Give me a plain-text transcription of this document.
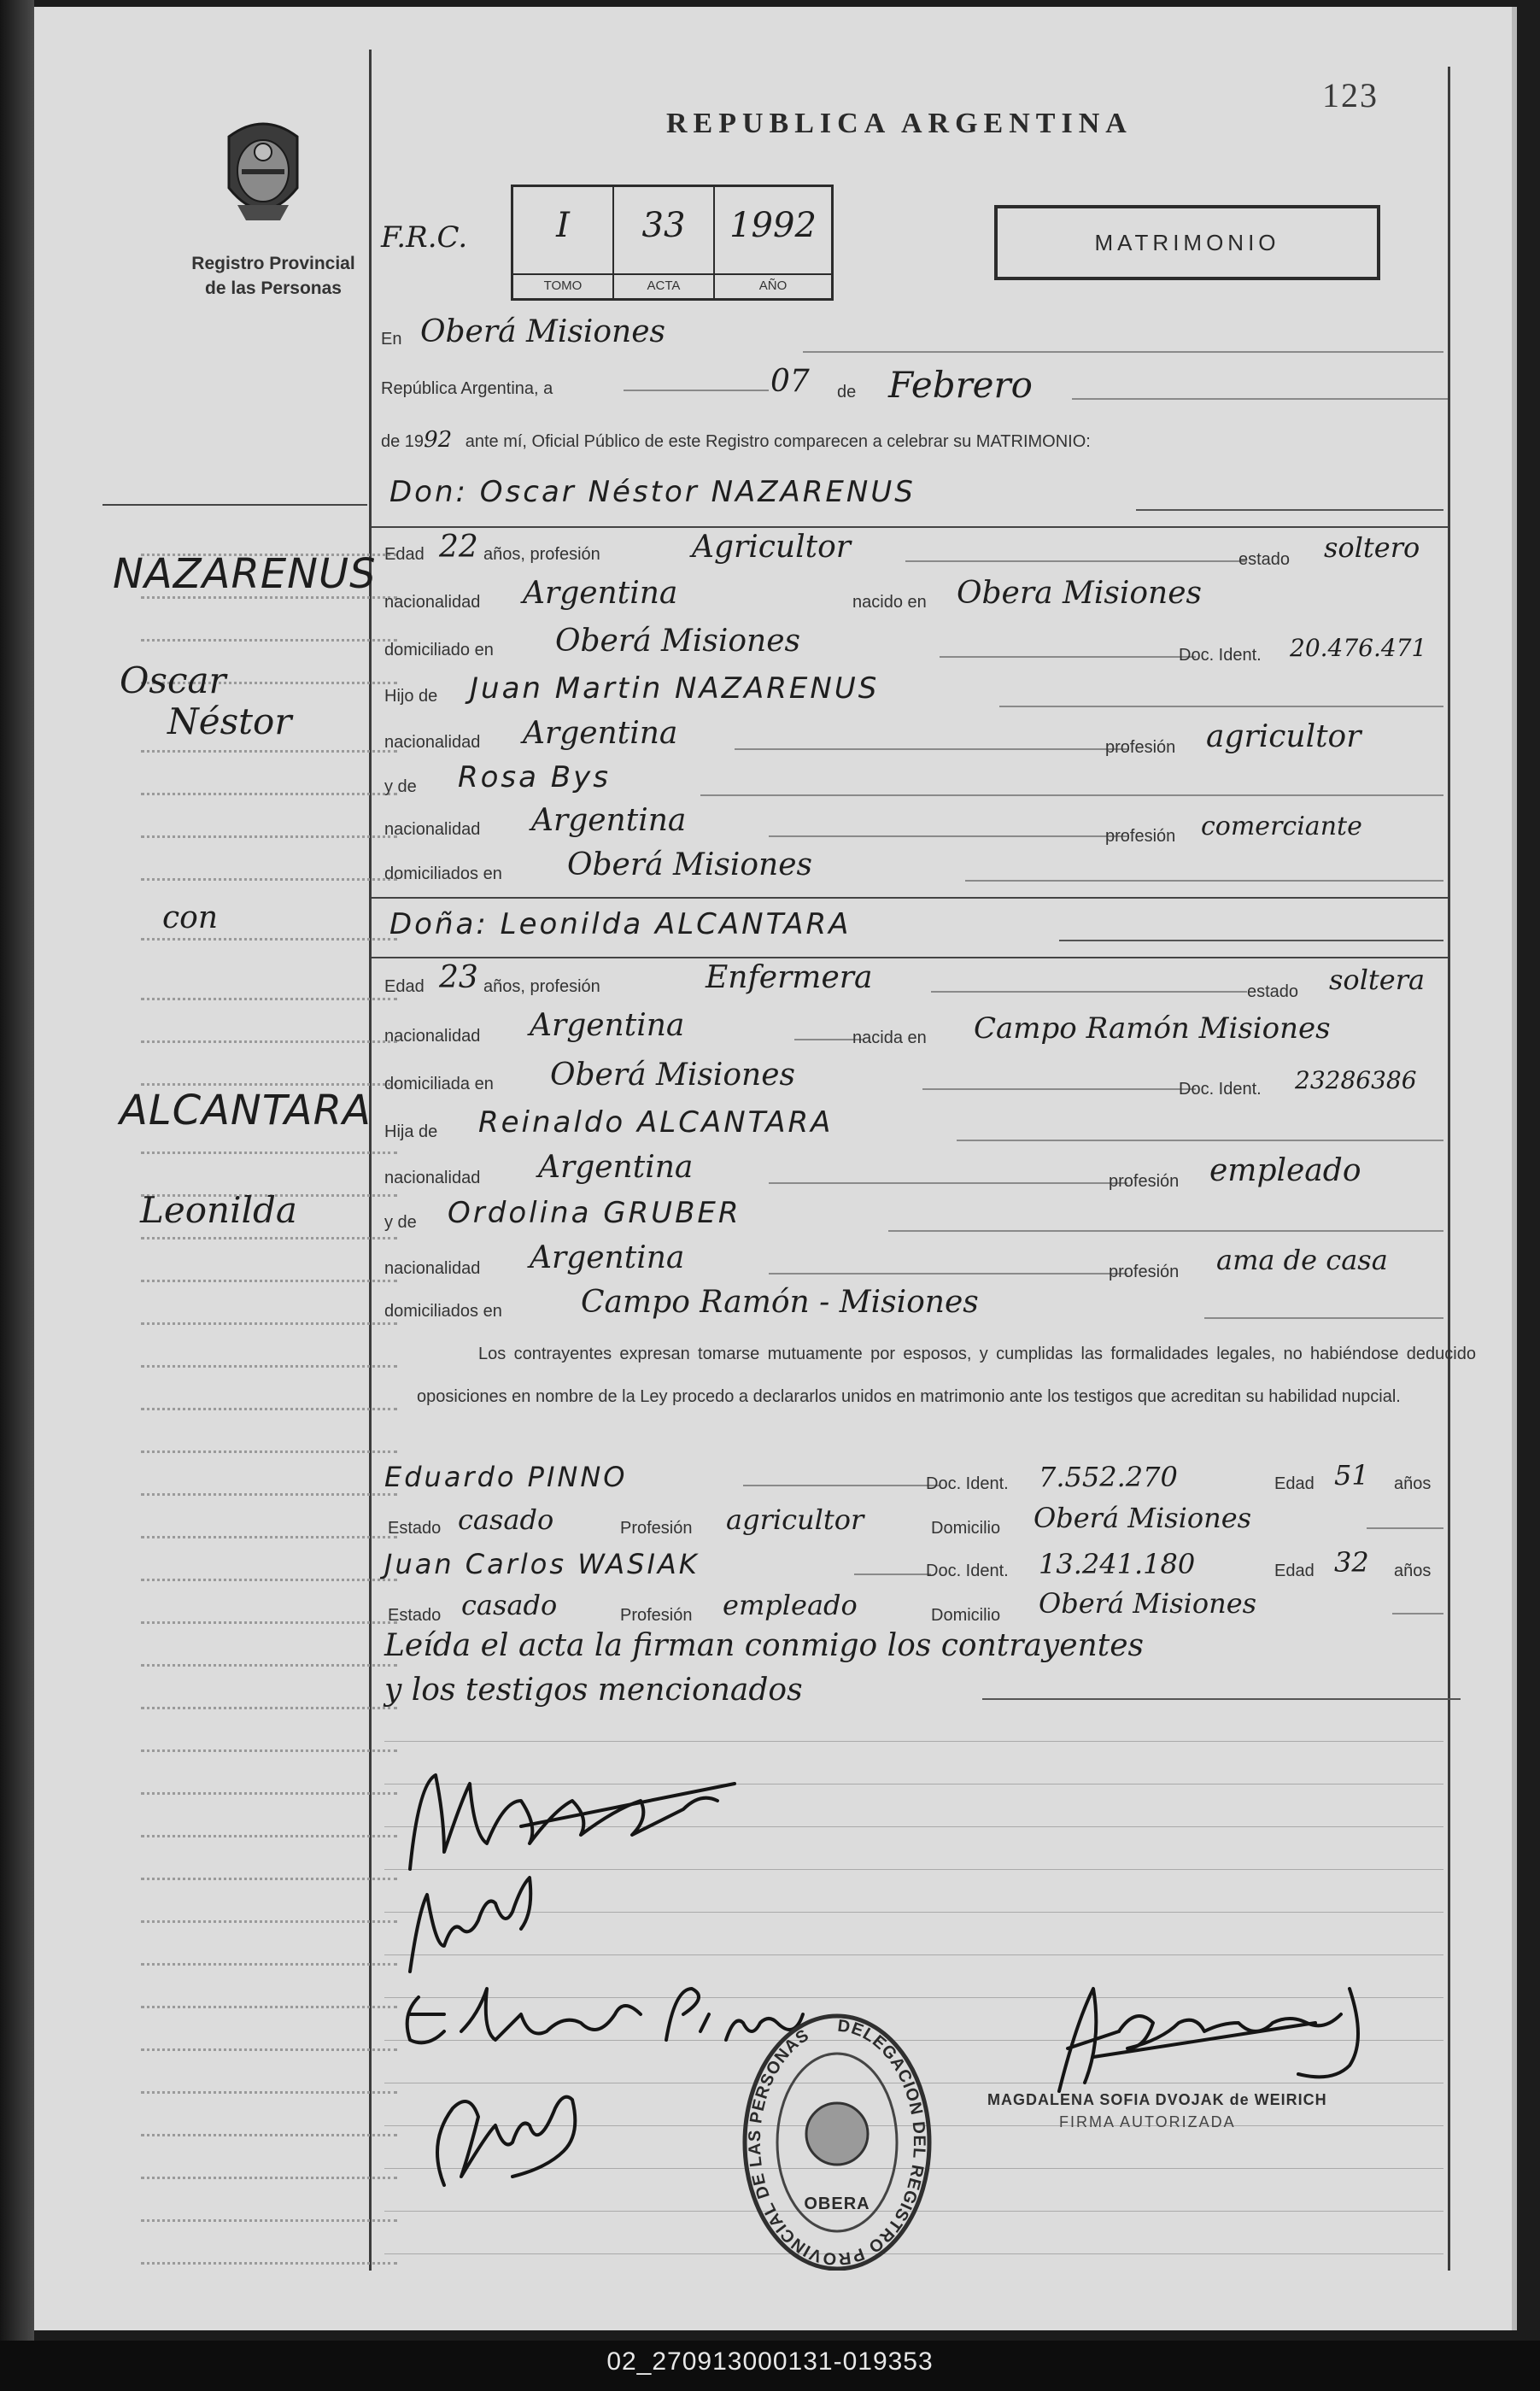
REPUBLICA ARGENTINA
123
Registro Provincial
de las Personas
F.R.C.	I
TOMO
33
ACTA
1992
AÑO
MATRIMONIO
En Oberá Misiones
República Argentina, a	07 de Febrero
de 1992 ante mí, Oficial Público de este Registro comparecen a celebrar su MATRIMONIO:
Don: Oscar Néstor NAZARENUS
Edad 22 años, profesión	Agricultor	estado soltero
nacionalidad Argentina	nacido en Obera Misiones
domiciliado en Oberá Misiones	Doc. Ident. 20.476.471
Hijo de Juan Martin NAZARENUS
nacionalidad Argentina	profesión agricultor
y de Rosa Bys
nacionalidad Argentina	profesión comerciante
domiciliados en Oberá Misiones
con	Doña: Leonilda ALCANTARA
Edad 23 años, profesión	Enfermera	estado soltera
nacionalidad Argentina	nacida en Campo Ramón Misiones
domiciliada en Oberá Misiones	Doc. Ident. 23286386
Hija de Reinaldo ALCANTARA
nacionalidad Argentina	profesión empleado
y de Ordolina GRUBER
nacionalidad Argentina	profesión ama de casa
domiciliados en	Campo Ramón - Misiones
Los contrayentes expresan tomarse mutuamente por esposos, y cumplidas las formalidades legales, no habiéndose deducido oposiciones en nombre de la Ley procedo a declararlos unidos en matrimonio ante los testigos que acreditan su habilidad nupcial.
Eduardo PINNO	Doc. Ident. 7.552.270	Edad 51 años
Estado casado	Profesión agricultor	Domicilio Oberá Misiones
Juan Carlos WASIAK	Doc. Ident. 13.241.180	Edad 32 años
Estado casado	Profesión empleado	Domicilio Oberá Misiones
Leída el acta la firman conmigo los contrayentes
y los testigos mencionados
MAGDALENA SOFIA DVOJAK de WEIRICH
FIRMA AUTORIZADA
DELEGACION DEL REGISTRO PROVINCIAL DE LAS PERSONAS
OBERA
NAZARENUS
Oscar
Néstor
ALCANTARA
Leonilda
02_270913000131-019353
